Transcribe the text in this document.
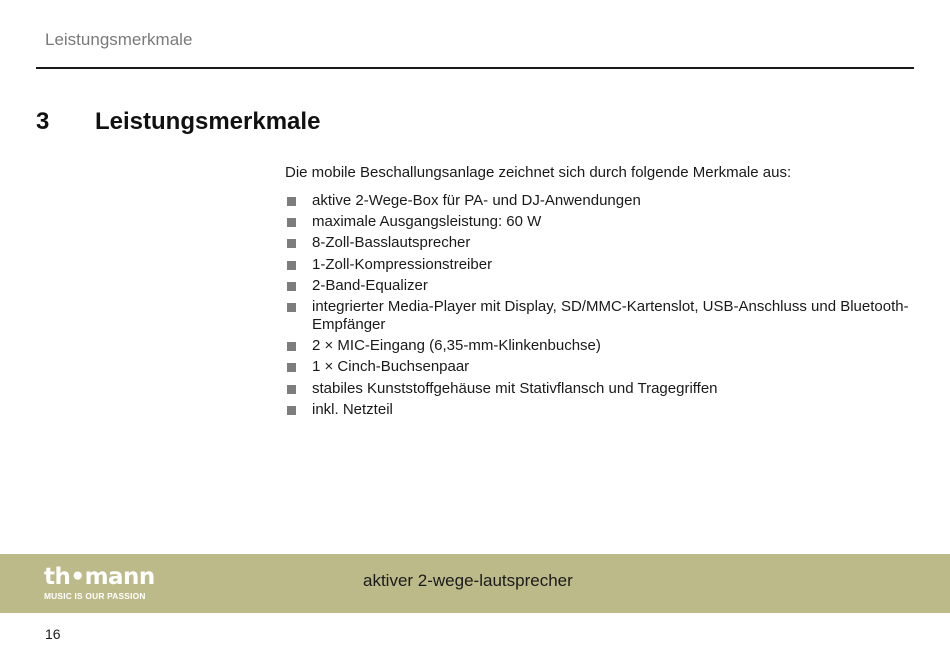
Leistungsmerkmale
3 Leistungsmerkmale
Die mobile Beschallungsanlage zeichnet sich durch folgende Merkmale aus:
aktive 2-Wege-Box für PA- und DJ-Anwendungen
maximale Ausgangsleistung: 60 W
8-Zoll-Basslautsprecher
1-Zoll-Kompressionstreiber
2-Band-Equalizer
integrierter Media-Player mit Display, SD/MMC-Kartenslot, USB-Anschluss und Bluetooth-Empfänger
2 × MIC-Eingang (6,35-mm-Klinkenbuchse)
1 × Cinch-Buchsenpaar
stabiles Kunststoffgehäuse mit Stativflansch und Tragegriffen
inkl. Netzteil
th•mann
MUSIC IS OUR PASSION
aktiver 2-wege-lautsprecher
16
